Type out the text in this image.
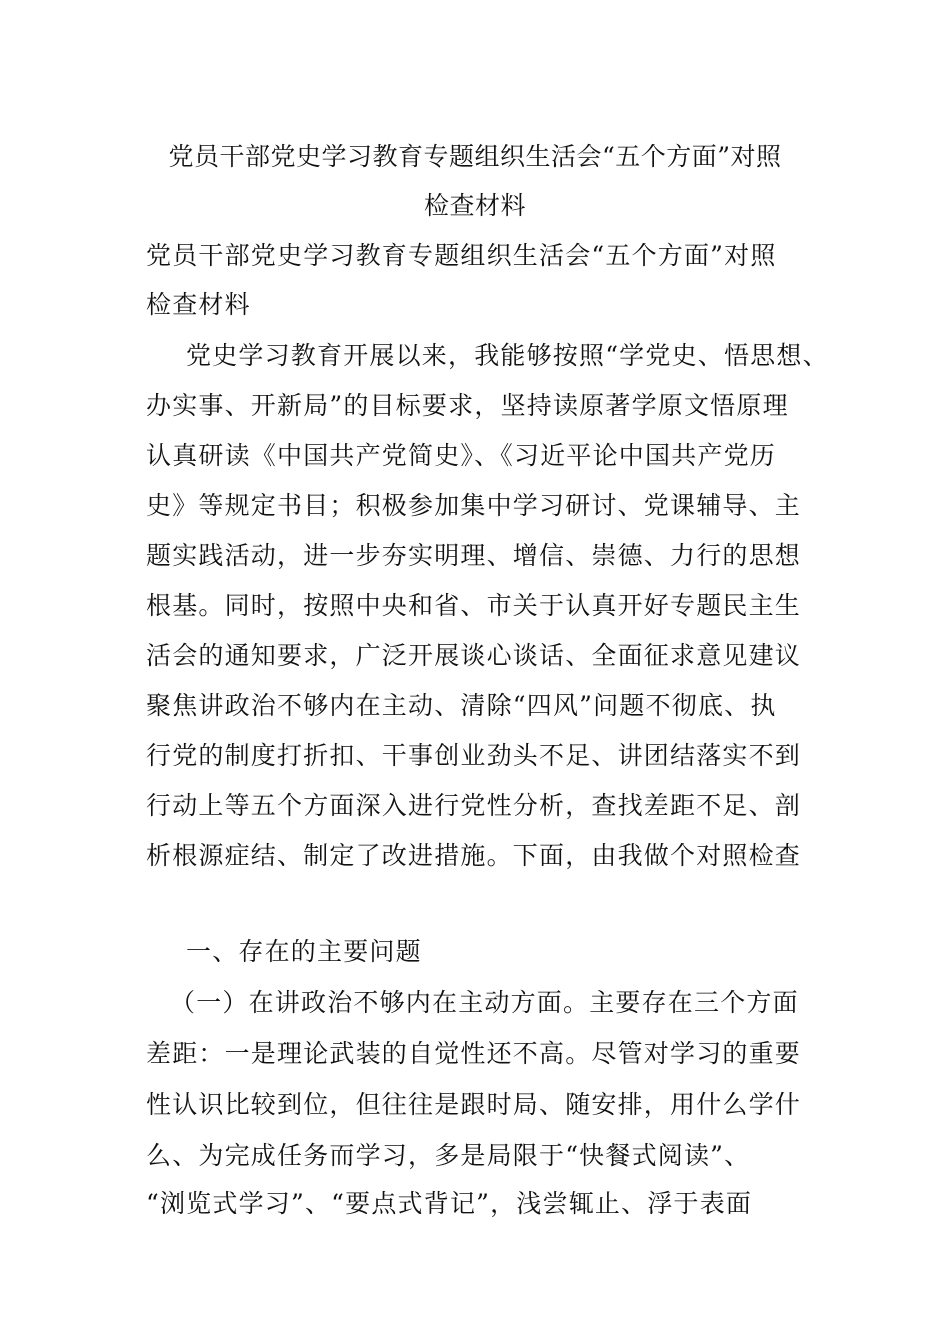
党员干部党史学习教育专题组织生活会“五个方面”对照
检查材料
党员干部党史学习教育专题组织生活会“五个方面”对照
检查材料
党史学习教育开展以来，我能够按照“学党史、悟思想、
办实事、开新局”的目标要求，坚持读原著学原文悟原理
认真研读《中国共产党简史》、《习近平论中国共产党历
史》等规定书目；积极参加集中学习研讨、党课辅导、主
题实践活动，进一步夯实明理、增信、崇德、力行的思想
根基。同时，按照中央和省、市关于认真开好专题民主生
活会的通知要求，广泛开展谈心谈话、全面征求意见建议
聚焦讲政治不够内在主动、清除“四风”问题不彻底、执
行党的制度打折扣、干事创业劲头不足、讲团结落实不到
行动上等五个方面深入进行党性分析，查找差距不足、剖
析根源症结、制定了改进措施。下面，由我做个对照检查
一、存在的主要问题
（一）在讲政治不够内在主动方面。主要存在三个方面
差距：一是理论武装的自觉性还不高。尽管对学习的重要
性认识比较到位，但往往是跟时局、随安排，用什么学什
么、为完成任务而学习，多是局限于“快餐式阅读”、
“浏览式学习”、“要点式背记”，浅尝辄止、浮于表面
